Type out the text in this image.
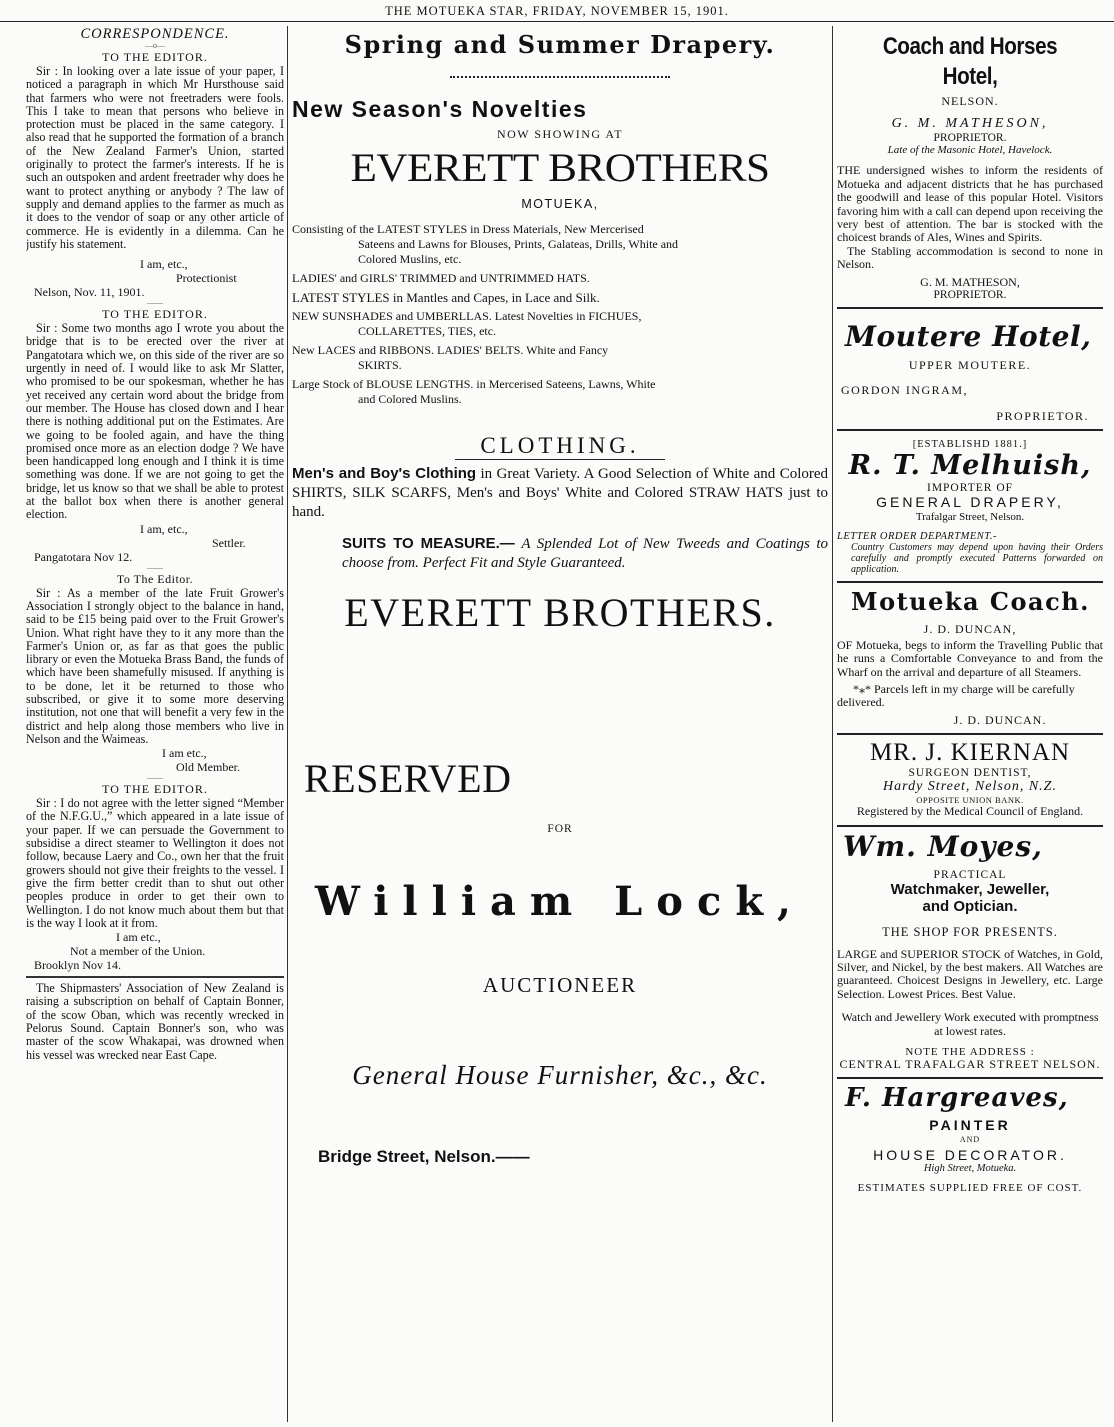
THE MOTUEKA STAR, FRIDAY, NOVEMBER 15, 1901.

CORRESPONDENCE.

—o—

TO THE EDITOR.

Sir : In looking over a late issue of your paper, I noticed a paragraph in which Mr Hursthouse said that farmers who were not freetraders were fools. This I take to mean that persons who believe in protection must be placed in the same category. I also read that he supported the formation of a branch of the New Zealand Farmer's Union, started originally to protect the farmer's interests. If he is such an outspoken and ardent freetrader why does he want to protect anything or anybody ? The law of supply and demand applies to the farmer as much as it does to the vendor of soap or any other article of commerce. He is evidently in a dilemma. Can he justify his statement.

I am, etc.,

Protectionist

Nelson, Nov. 11, 1901.

——

TO THE EDITOR.

Sir : Some two months ago I wrote you about the bridge that is to be erected over the river at Pangatotara which we, on this side of the river are so urgently in need of. I would like to ask Mr Slatter, who promised to be our spokesman, whether he has yet received any certain word about the bridge from our member. The House has closed down and I hear there is nothing additional put on the Estimates. Are we going to be fooled again, and have the thing promised once more as an election dodge ? We have been handicapped long enough and I think it is time something was done. If we are not going to get the bridge, let us know so that we shall be able to protest at the ballot box when there is another general election.

I am, etc.,

Settler.

Pangatotara Nov 12.

——

To The Editor.

Sir : As a member of the late Fruit Grower's Association I strongly object to the balance in hand, said to be £15 being paid over to the Fruit Grower's Union. What right have they to it any more than the Farmer's Union or, as far as that goes the public library or even the Motueka Brass Band, the funds of which have been shamefully misused. If anything is to be done, let it be returned to those who subscribed, or give it to some more deserving institution, not one that will benefit a very few in the district and help along those members who live in Nelson and the Waimeas.

I am etc.,

Old Member.

——

TO THE EDITOR.

Sir : I do not agree with the letter signed “Member of the N.F.G.U.,” which appeared in a late issue of your paper. If we can persuade the Government to subsidise a direct steamer to Wellington it does not follow, because Laery and Co., own her that the fruit growers should not give their freights to the vessel. I give the firm better credit than to shut out other peoples produce in order to get their own to Wellington. I do not know much about them but that is the way I look at it from.

I am etc.,

Not a member of the Union.

Brooklyn Nov 14.

The Shipmasters' Association of New Zealand is raising a subscription on behalf of Captain Bonner, of the scow Oban, which was recently wrecked in Pelorus Sound. Captain Bonner's son, who was master of the scow Whakapai, was drowned when his vessel was wrecked near East Cape.

Spring and Summer Drapery.

New Season's Novelties

NOW SHOWING AT

EVERETT BROTHERS

MOTUEKA,

Consisting of the LATEST STYLES in Dress Materials, New Mercerised

Sateens and Lawns for Blouses, Prints, Galateas, Drills, White and

Colored Muslins, etc.

LADIES' and GIRLS' TRIMMED and UNTRIMMED HATS.

LATEST STYLES in Mantles and Capes, in Lace and Silk.

NEW SUNSHADES and UMBERLLAS. Latest Novelties in FICHUES,

COLLARETTES, TIES, etc.

New LACES and RIBBONS. LADIES' BELTS. White and Fancy

SKIRTS.

Large Stock of BLOUSE LENGTHS. in Mercerised Sateens, Lawns, White

and Colored Muslins.

CLOTHING.

Men's and Boy's Clothing in Great Variety. A Good Selection of White and Colored SHIRTS, SILK SCARFS, Men's and Boys' White and Colored STRAW HATS just to hand.

SUITS TO MEASURE.— A Splended Lot of New Tweeds and Coatings to choose from. Perfect Fit and Style Guaranteed.

EVERETT BROTHERS.

RESERVED

FOR

William Lock,

AUCTIONEER

General House Furnisher, &c., &c.

Bridge Street, Nelson.——

Coach and Horses Hotel,

NELSON.

G. M. MATHESON,

PROPRIETOR.

Late of the Masonic Hotel, Havelock.

THE undersigned wishes to inform the residents of Motueka and adjacent districts that he has purchased the goodwill and lease of this popular Hotel. Visitors favoring him with a call can depend upon receiving the very best of attention. The bar is stocked with the choicest brands of Ales, Wines and Spirits.

The Stabling accommodation is second to none in Nelson.

G. M. MATHESON,

PROPRIETOR.

Moutere Hotel,

UPPER MOUTERE.

GORDON INGRAM,

PROPRIETOR.

[ESTABLISHD 1881.]

R. T. Melhuish,

IMPORTER OF

GENERAL DRAPERY,

Trafalgar Street, Nelson.

LETTER ORDER DEPARTMENT.-

Country Customers may depend upon having their Orders carefully and promptly executed Patterns forwarded on application.

Motueka Coach.

J. D. DUNCAN,

OF Motueka, begs to inform the Travelling Public that he runs a Comfortable Conveyance to and from the Wharf on the arrival and departure of all Steamers.

*⁎* Parcels left in my charge will be carefully delivered.

J. D. DUNCAN.

MR. J. KIERNAN

SURGEON DENTIST,

Hardy Street, Nelson, N.Z.

OPPOSITE UNION BANK.

Registered by the Medical Council of England.

Wm. Moyes,

PRACTICAL

Watchmaker, Jeweller,

and Optician.

THE SHOP FOR PRESENTS.

LARGE and SUPERIOR STOCK of Watches, in Gold, Silver, and Nickel, by the best makers. All Watches are guaranteed. Choicest Designs in Jewellery, etc. Large Selection. Lowest Prices. Best Value.

Watch and Jewellery Work executed with promptness at lowest rates.

NOTE THE ADDRESS :

CENTRAL TRAFALGAR STREET NELSON.

F. Hargreaves,

PAINTER

AND

HOUSE DECORATOR.

High Street, Motueka.

ESTIMATES SUPPLIED FREE OF COST.
